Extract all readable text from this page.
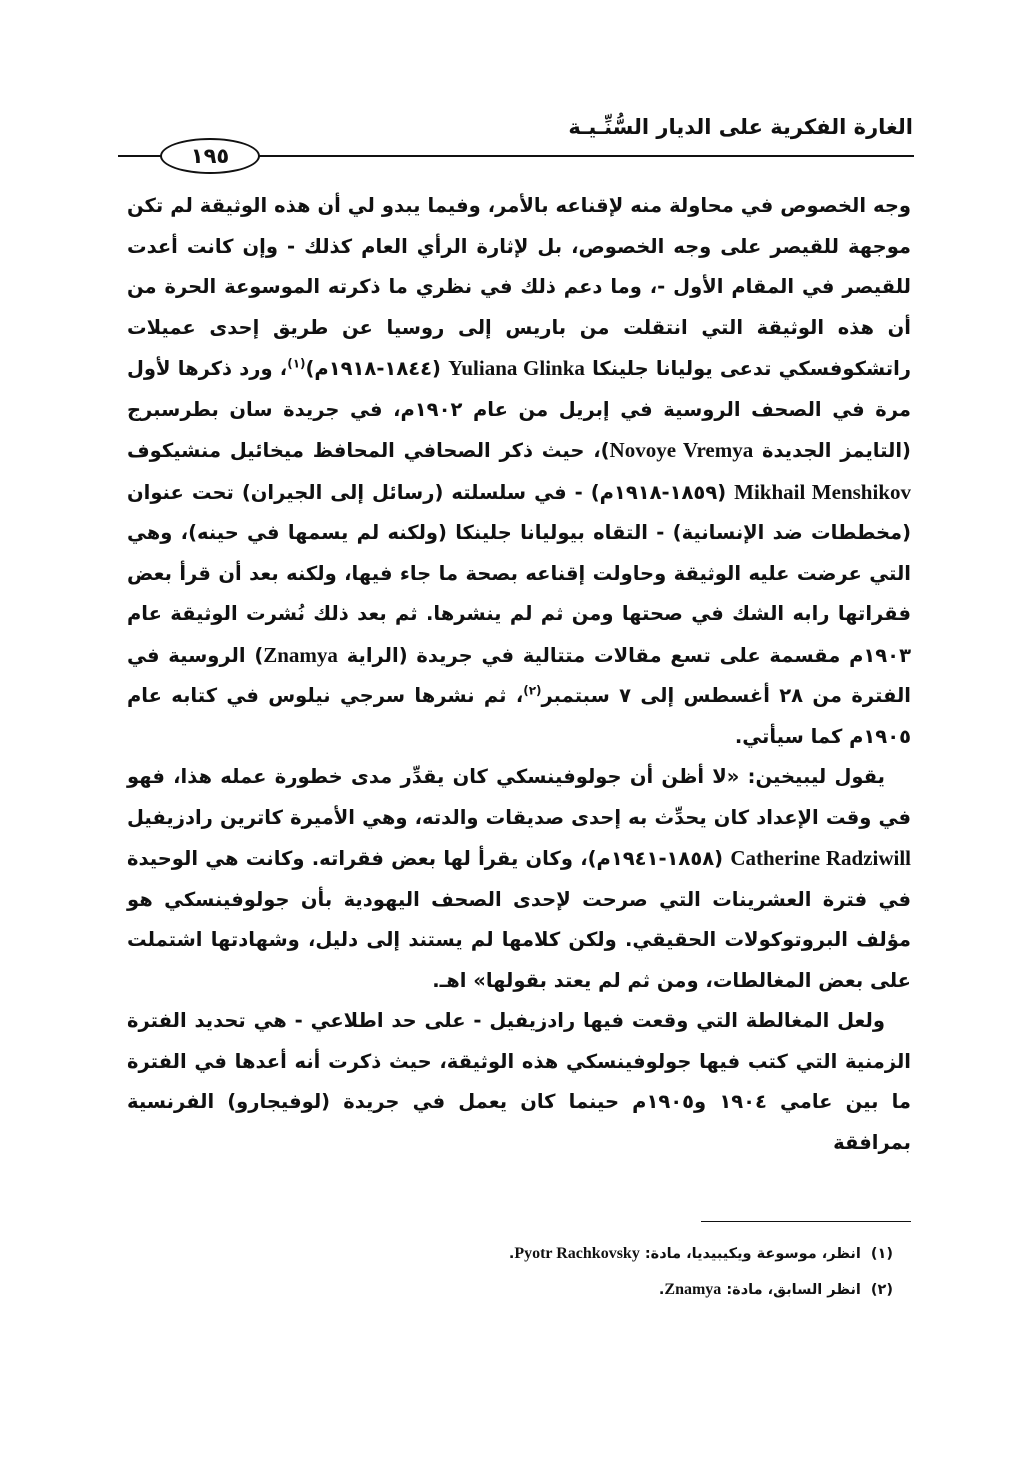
الغارة الفكرية على الديار السُّنِّـيـة
١٩٥

وجه الخصوص في محاولة منه لإقناعه بالأمر، وفيما يبدو لي أن هذه الوثيقة لم تكن موجهة للقيصر على وجه الخصوص، بل لإثارة الرأي العام كذلك - وإن كانت أعدت للقيصر في المقام الأول -، وما دعم ذلك في نظري ما ذكرته الموسوعة الحرة من أن هذه الوثيقة التي انتقلت من باريس إلى روسيا عن طريق إحدى عميلات راتشكوفسكي تدعى يوليانا جلينكا Yuliana Glinka (١٨٤٤-١٩١٨م)$^{(١)}$، ورد ذكرها لأول مرة في الصحف الروسية في إبريل من عام ١٩٠٢م، في جريدة سان بطرسبرج (التايمز الجديدة Novoye Vremya)، حيث ذكر الصحافي المحافظ ميخائيل منشيكوف Mikhail Menshikov (١٨٥٩-١٩١٨م) - في سلسلته (رسائل إلى الجيران) تحت عنوان (مخططات ضد الإنسانية) - التقاه بيوليانا جلينكا (ولكنه لم يسمها في حينه)، وهي التي عرضت عليه الوثيقة وحاولت إقناعه بصحة ما جاء فيها، ولكنه بعد أن قرأ بعض فقراتها رابه الشك في صحتها ومن ثم لم ينشرها. ثم بعد ذلك نُشرت الوثيقة عام ١٩٠٣م مقسمة على تسع مقالات متتالية في جريدة (الراية Znamya) الروسية في الفترة من ٢٨ أغسطس إلى ٧ سبتمبر$^{(٢)}$، ثم نشرها سرجي نيلوس في كتابه عام ١٩٠٥م كما سيأتي.

يقول ليبيخين: «لا أظن أن جولوفينسكي كان يقدِّر مدى خطورة عمله هذا، فهو في وقت الإعداد كان يحدِّث به إحدى صديقات والدته، وهي الأميرة كاترين رادزيفيل Catherine Radziwill (١٨٥٨-١٩٤١م)، وكان يقرأ لها بعض فقراته. وكانت هي الوحيدة في فترة العشرينات التي صرحت لإحدى الصحف اليهودية بأن جولوفينسكي هو مؤلف البروتوكولات الحقيقي. ولكن كلامها لم يستند إلى دليل، وشهادتها اشتملت على بعض المغالطات، ومن ثم لم يعتد بقولها» اهـ.

ولعل المغالطة التي وقعت فيها رادزيفيل - على حد اطلاعي - هي تحديد الفترة الزمنية التي كتب فيها جولوفينسكي هذه الوثيقة، حيث ذكرت أنه أعدها في الفترة ما بين عامي ١٩٠٤ و١٩٠٥م حينما كان يعمل في جريدة (لوفيجارو) الفرنسية بمرافقة

(١)انظر، موسوعة ويكيبيديا، مادة: Pyotr Rachkovsky.
(٢)انظر السابق، مادة: Znamya.
